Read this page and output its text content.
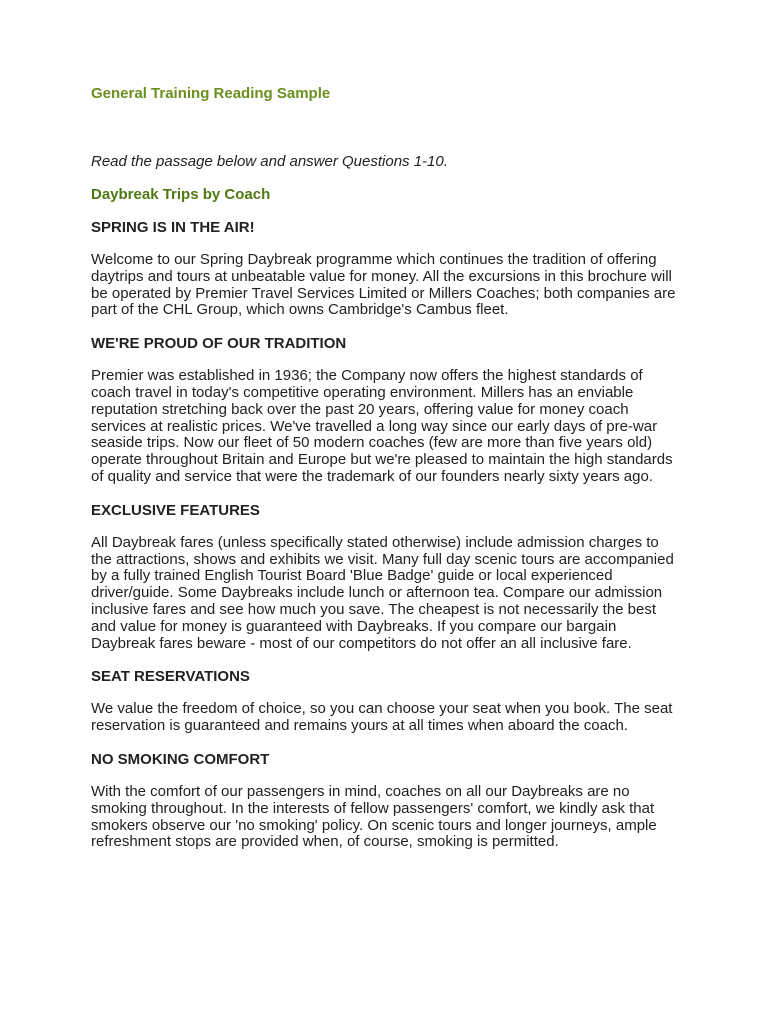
General Training Reading Sample

Read the passage below and answer Questions 1-10.

Daybreak Trips by Coach
SPRING IS IN THE AIR!

Welcome to our Spring Daybreak programme which continues the tradition of offering daytrips and tours at unbeatable value for money. All the excursions in this brochure will be operated by Premier Travel Services Limited or Millers Coaches; both companies are part of the CHL Group, which owns Cambridge's Cambus fleet.

WE'RE PROUD OF OUR TRADITION

Premier was established in 1936; the Company now offers the highest standards of coach travel in today's competitive operating environment. Millers has an enviable reputation stretching back over the past 20 years, offering value for money coach services at realistic prices. We've travelled a long way since our early days of pre-war seaside trips. Now our fleet of 50 modern coaches (few are more than five years old) operate throughout Britain and Europe but we're pleased to maintain the high standards of quality and service that were the trademark of our founders nearly sixty years ago.

EXCLUSIVE FEATURES

All Daybreak fares (unless specifically stated otherwise) include admission charges to the attractions, shows and exhibits we visit. Many full day scenic tours are accompanied by a fully trained English Tourist Board 'Blue Badge' guide or local experienced driver/guide. Some Daybreaks include lunch or afternoon tea. Compare our admission inclusive fares and see how much you save. The cheapest is not necessarily the best and value for money is guaranteed with Daybreaks. If you compare our bargain Daybreak fares beware - most of our competitors do not offer an all inclusive fare.

SEAT RESERVATIONS

We value the freedom of choice, so you can choose your seat when you book. The seat reservation is guaranteed and remains yours at all times when aboard the coach.

NO SMOKING COMFORT

With the comfort of our passengers in mind, coaches on all our Daybreaks are no smoking throughout. In the interests of fellow passengers' comfort, we kindly ask that smokers observe our 'no smoking' policy. On scenic tours and longer journeys, ample refreshment stops are provided when, of course, smoking is permitted.
